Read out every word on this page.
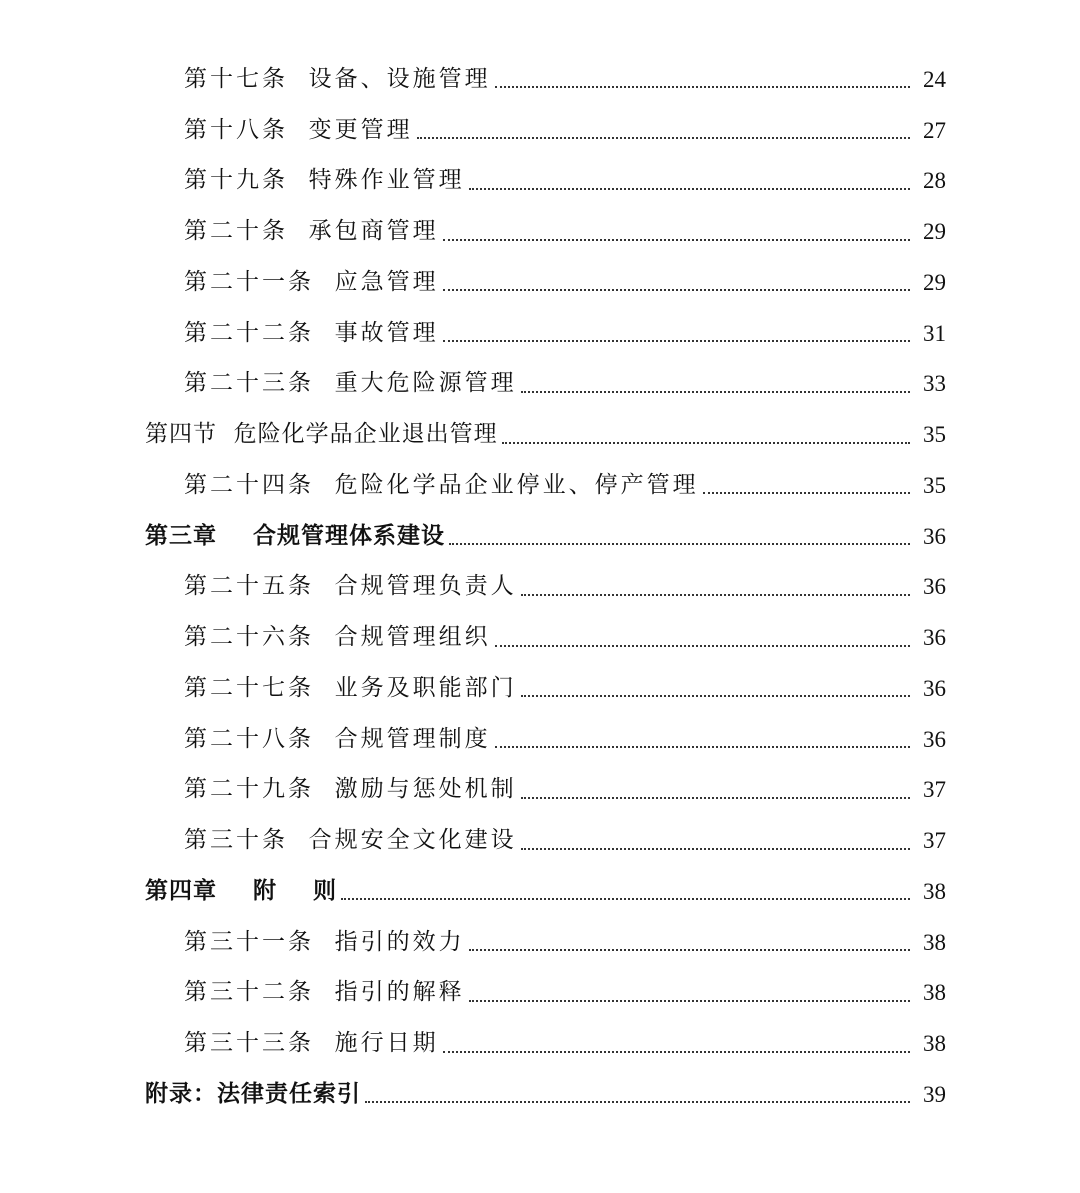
第十七条  设备、设施管理	24
第十八条  变更管理	27
第十九条  特殊作业管理	28
第二十条  承包商管理	29
第二十一条  应急管理	29
第二十二条  事故管理	31
第二十三条  重大危险源管理	33
第四节  危险化学品企业退出管理	35
第二十四条  危险化学品企业停业、停产管理	35
第三章    合规管理体系建设	36
第二十五条  合规管理负责人	36
第二十六条  合规管理组织	36
第二十七条  业务及职能部门	36
第二十八条  合规管理制度	36
第二十九条  激励与惩处机制	37
第三十条  合规安全文化建设	37
第四章    附    则	38
第三十一条  指引的效力	38
第三十二条  指引的解释	38
第三十三条  施行日期	38
附录：法律责任索引	39
